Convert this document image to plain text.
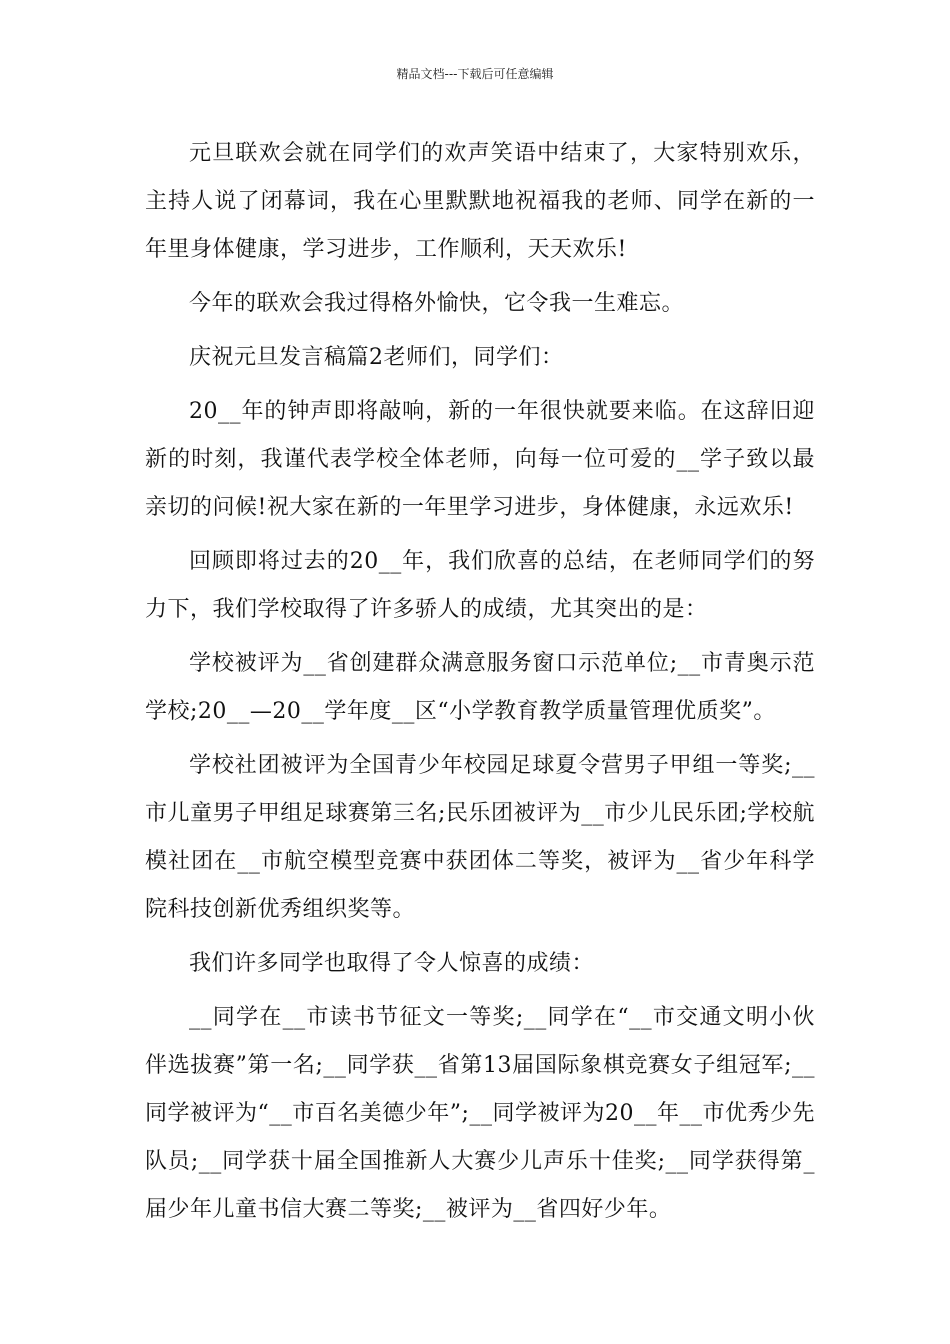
精品文档---下载后可任意编辑

元旦联欢会就在同学们的欢声笑语中结束了，大家特别欢乐，主持人说了闭幕词，我在心里默默地祝福我的老师、同学在新的一年里身体健康，学习进步，工作顺利，天天欢乐!

今年的联欢会我过得格外愉快，它令我一生难忘。

庆祝元旦发言稿篇2老师们，同学们：

20__年的钟声即将敲响，新的一年很快就要来临。在这辞旧迎新的时刻，我谨代表学校全体老师，向每一位可爱的__学子致以最亲切的问候!祝大家在新的一年里学习进步，身体健康，永远欢乐!

回顾即将过去的20__年，我们欣喜的总结，在老师同学们的努力下，我们学校取得了许多骄人的成绩，尤其突出的是：

学校被评为__省创建群众满意服务窗口示范单位;__市青奥示范学校;20__—20__学年度__区“小学教育教学质量管理优质奖”。

学校社团被评为全国青少年校园足球夏令营男子甲组一等奖;__市儿童男子甲组足球赛第三名;民乐团被评为__市少儿民乐团;学校航模社团在__市航空模型竞赛中获团体二等奖，被评为__省少年科学院科技创新优秀组织奖等。

我们许多同学也取得了令人惊喜的成绩：

__同学在__市读书节征文一等奖;__同学在“__市交通文明小伙伴选拔赛”第一名;__同学获__省第13届国际象棋竞赛女子组冠军;__同学被评为“__市百名美德少年”;__同学被评为20__年__市优秀少先队员;__同学获十届全国推新人大赛少儿声乐十佳奖;__同学获得第_届少年儿童书信大赛二等奖;__被评为__省四好少年。
